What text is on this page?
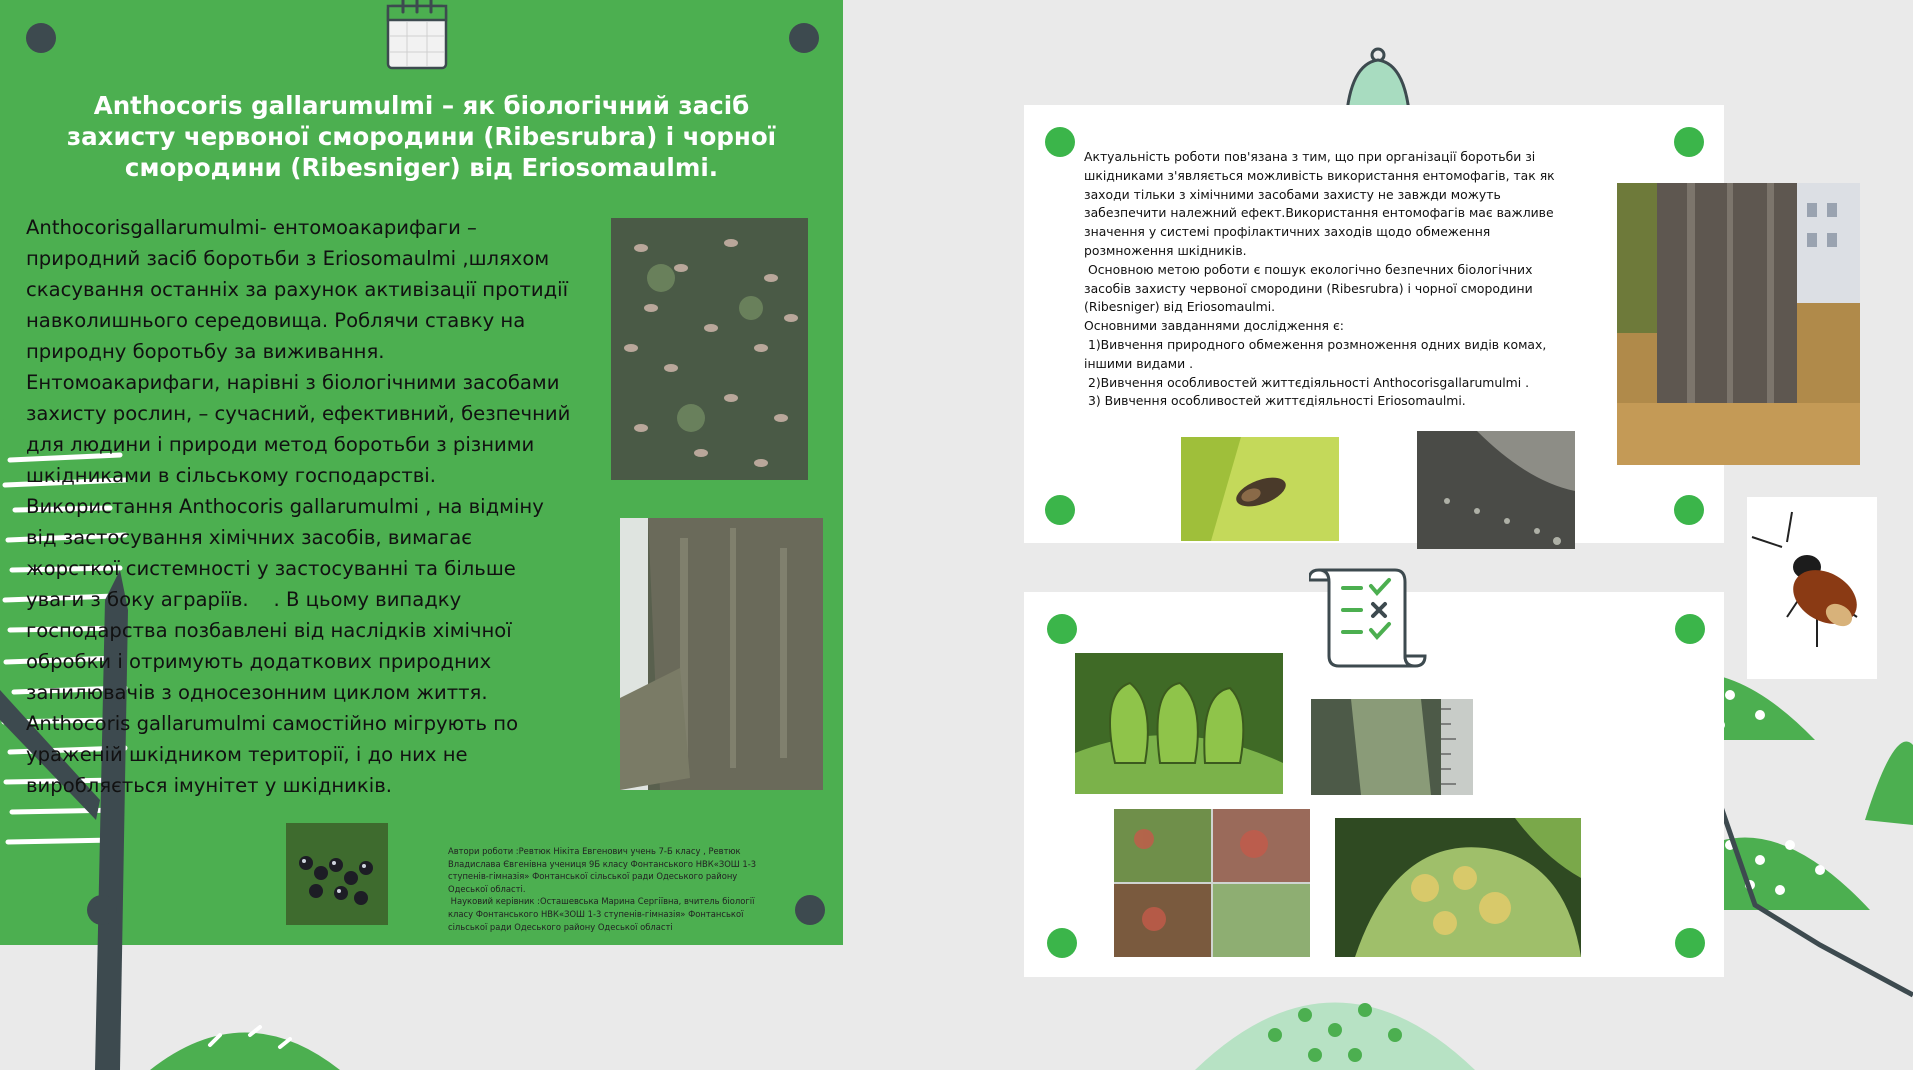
Anthocoris gallarumulmi – як біологічний засіб захисту червоної смородини (Ribesrubra) і чорної смородини (Ribesniger) від Eriosomaulmi.
Anthocorisgallarumulmi- ентомоакарифаги – природний засіб боротьби з Eriosomaulmi ,шляхом скасування останніх за рахунок активізації протидії навколишнього середовища. Роблячи ставку на природну боротьбу за виживання. Ентомоакарифаги, нарівні з біологічними засобами захисту рослин, – сучасний, ефективний, безпечний для людини і природи метод боротьби з різними шкідниками в сільському господарстві.  Використання Anthocoris gallarumulmi , на відміну від застосування хімічних засобів, вимагає жорсткої системності у застосуванні та більше уваги з боку аграріїв.    . В цьому випадку господарства позбавлені від наслідків хімічної обробки і отримують додаткових природних запилювачів з односезонним циклом життя. Anthocoris gallarumulmi самостійно мігрують по ураженій шкідником території, і до них не виробляється імунітет у шкідників.
Автори роботи :Ревтюк Нікіта Евгенович учень 7-Б класу , Ревтюк Владислава Євгенівна учениця 9Б класу Фонтанського НВК«ЗОШ 1-3 ступенів-гімназія» Фонтанської сільської ради Одеського району Одеської області.
Науковий керівник :Осташевська Марина Сергіївна, вчитель біології класу Фонтанського НВК«ЗОШ 1-3 ступенів-гімназія» Фонтанської сільської ради Одеського району Одеської області
Актуальність роботи пов'язана з тим, що при організації боротьби зі шкідниками з'являється можливість використання ентомофагів, так як заходи тільки з хімічними засобами захисту не завжди можуть забезпечити належний ефект.Використання ентомофагів має важливе значення у системі профілактичних заходів щодо обмеження розмноження шкідників.
Основною метою роботи є пошук екологічно безпечних біологічних засобів захисту червоної смородини (Ribesrubra) і чорної смородини (Ribesniger) від Eriosomaulmi.
Основними завданнями дослідження є:
1)Вивчення природного обмеження розмноження одних видів комах, іншими видами .
2)Вивчення особливостей життєдіяльності Anthocorisgallarumulmi .
3) Вивчення особливостей життєдіяльності Eriosomaulmi.
